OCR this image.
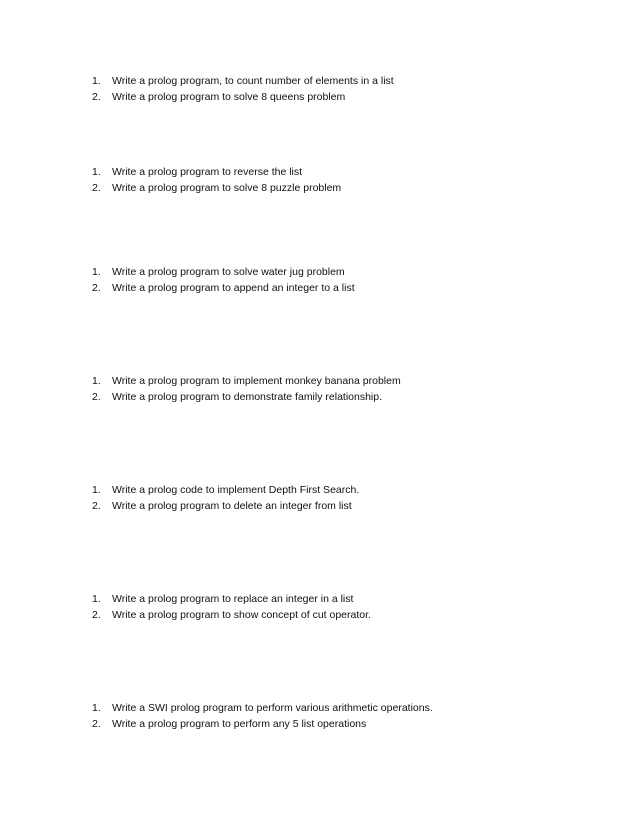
1.	Write a prolog program, to count number of elements in a list
2.	Write a prolog program to solve 8 queens problem
1.	Write a prolog program to reverse the list
2.	Write a prolog program to solve 8 puzzle problem
1.	Write a prolog program to solve water jug problem
2.	Write a prolog program to append an integer to a list
1.	Write a prolog program to implement monkey banana problem
2.	Write a prolog program to demonstrate family relationship.
1.	Write a prolog code to implement Depth First Search.
2.	Write a prolog program to delete an integer from list
1.	Write a prolog program to replace an integer in a list
2.	Write a prolog program to show concept of cut operator.
1.	Write a SWI prolog program to perform various arithmetic operations.
2.	Write a prolog program to perform any 5 list operations
